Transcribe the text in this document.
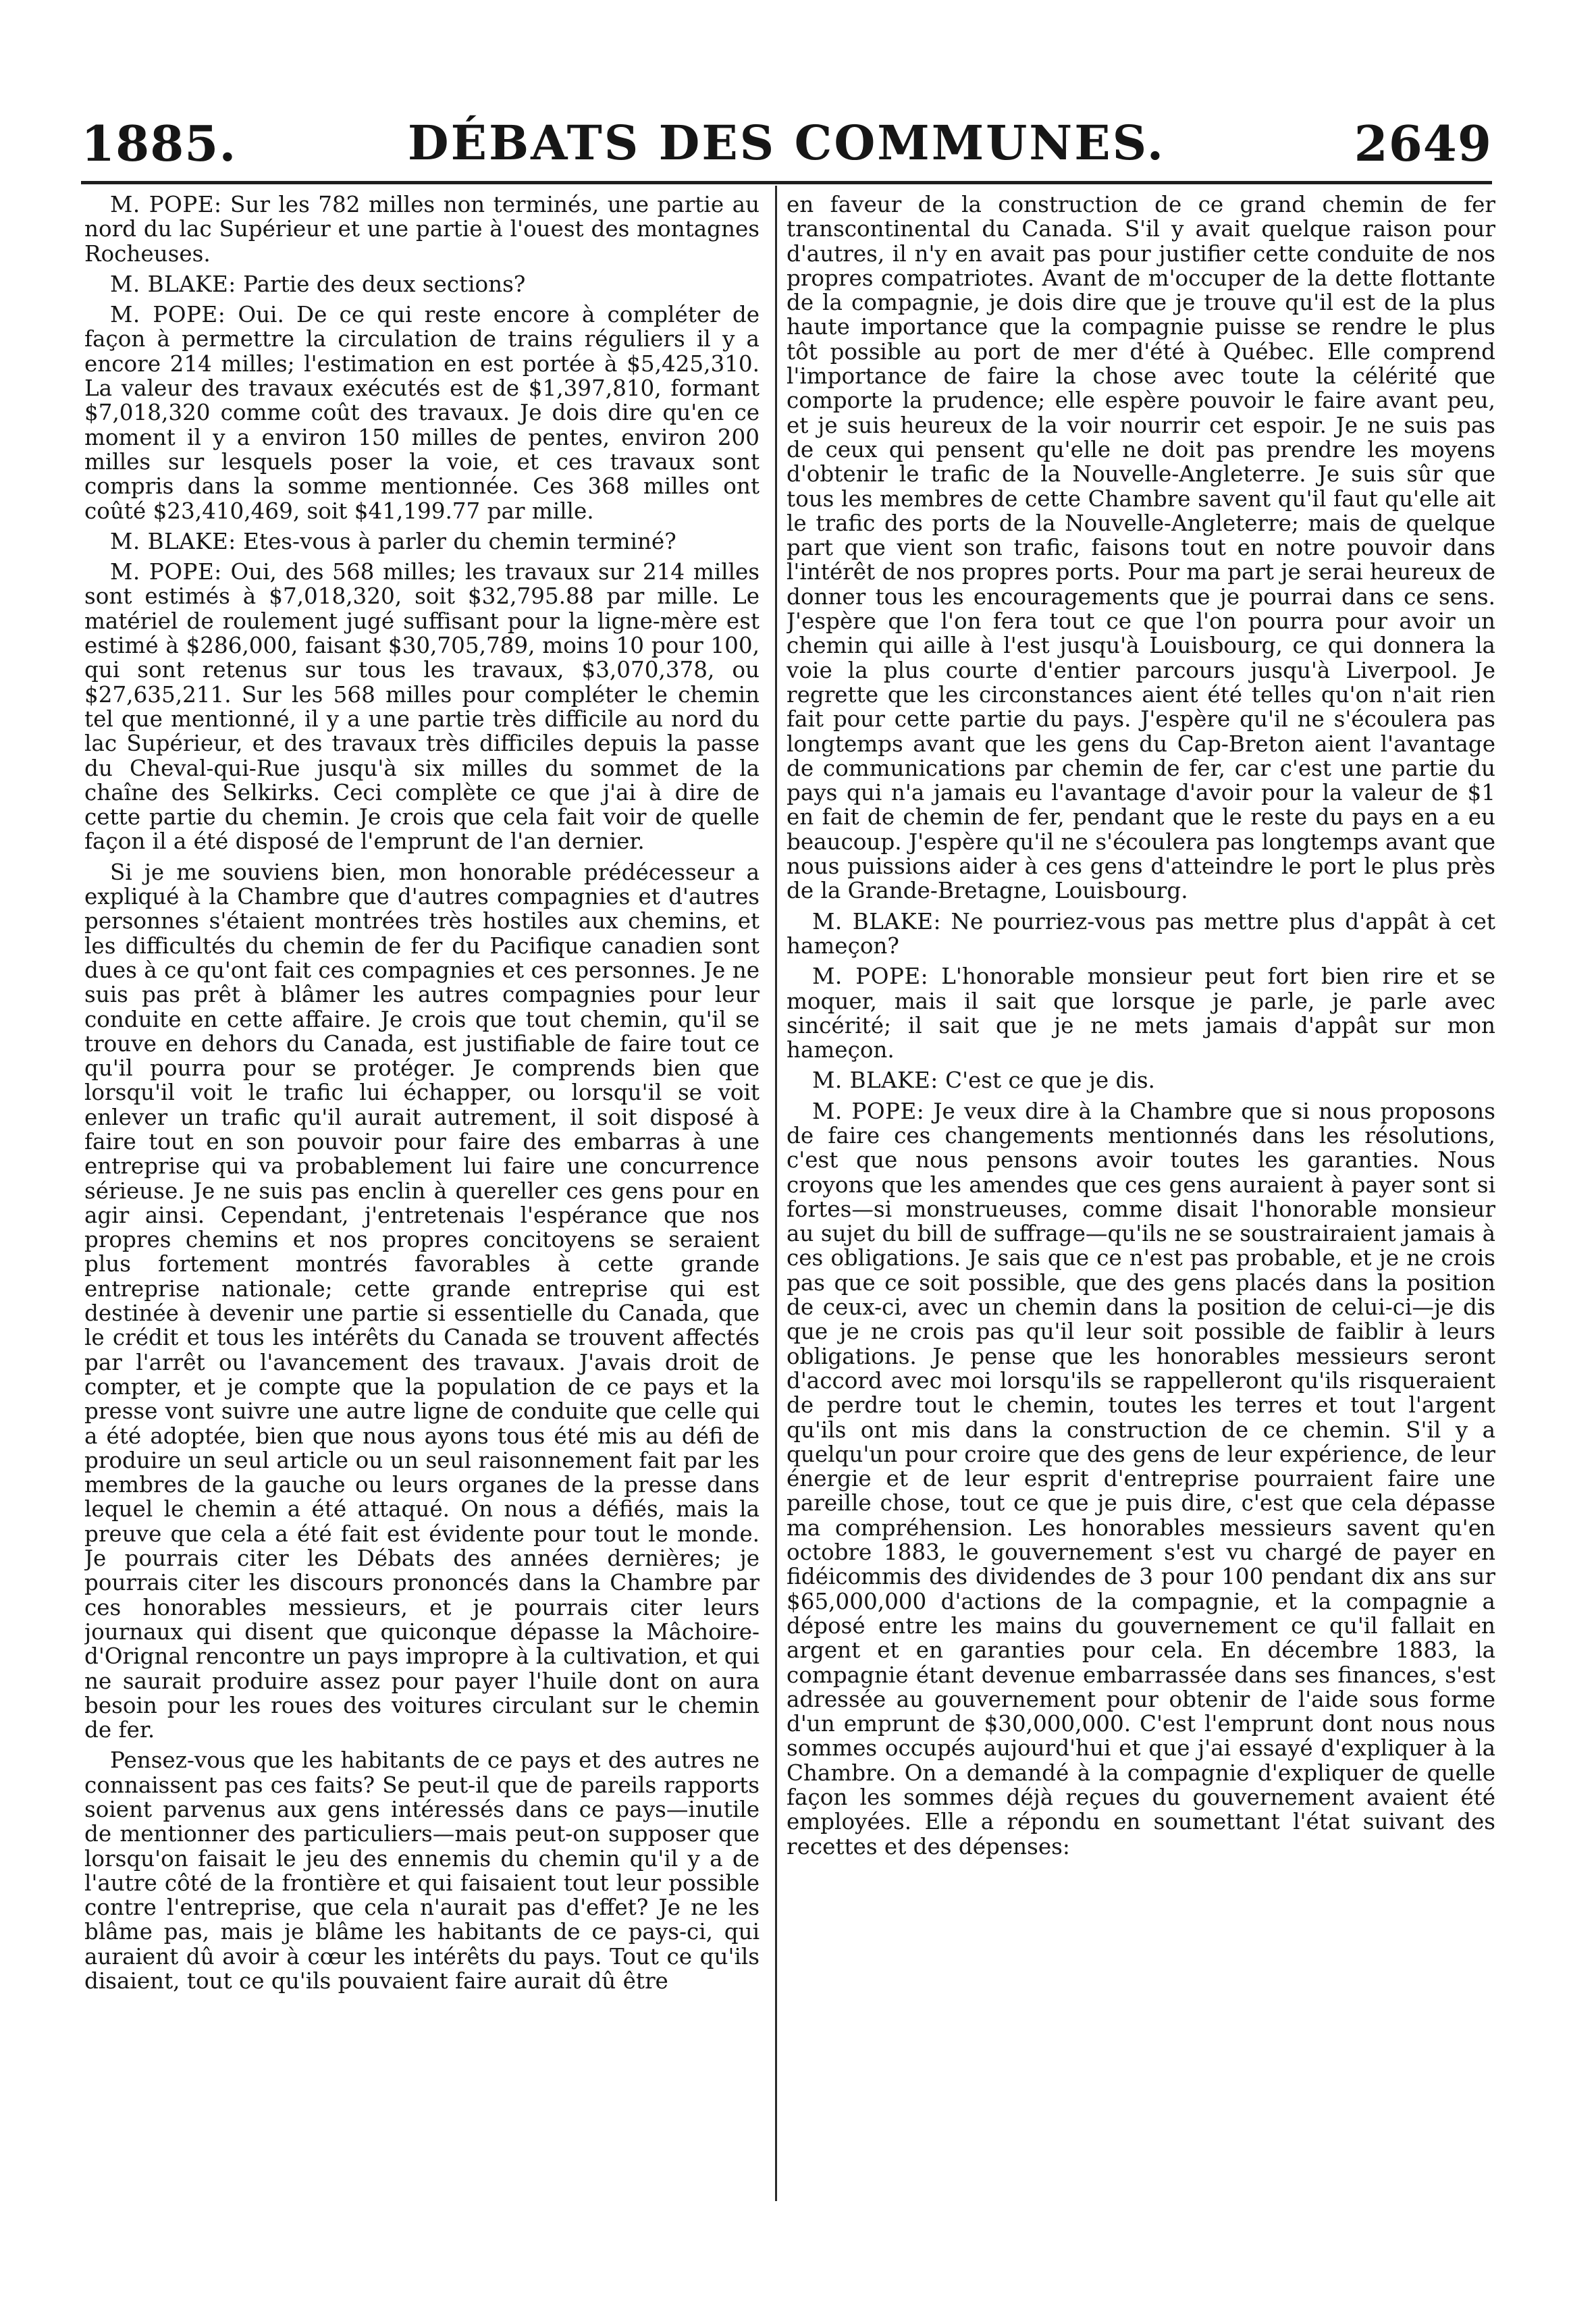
1885.	DÉBATS DES COMMUNES.	2649

M. POPE: Sur les 782 milles non terminés, une partie au nord du lac Supérieur et une partie à l'ouest des montagnes Rocheuses.

M. BLAKE: Partie des deux sections?

M. POPE: Oui. De ce qui reste encore à compléter de façon à permettre la circulation de trains réguliers il y a encore 214 milles; l'estimation en est portée à $5,425,310. La valeur des travaux exécutés est de $1,397,810, formant $7,018,320 comme coût des travaux. Je dois dire qu'en ce moment il y a environ 150 milles de pentes, environ 200 milles sur lesquels poser la voie, et ces travaux sont compris dans la somme mentionnée. Ces 368 milles ont coûté $23,410,469, soit $41,199.77 par mille.

M. BLAKE: Etes-vous à parler du chemin terminé?

M. POPE: Oui, des 568 milles; les travaux sur 214 milles sont estimés à $7,018,320, soit $32,795.88 par mille. Le matériel de roulement jugé suffisant pour la ligne-mère est estimé à $286,000, faisant $30,705,789, moins 10 pour 100, qui sont retenus sur tous les travaux, $3,070,378, ou $27,635,211. Sur les 568 milles pour compléter le chemin tel que mentionné, il y a une partie très difficile au nord du lac Supérieur, et des travaux très difficiles depuis la passe du Cheval-qui-Rue jusqu'à six milles du sommet de la chaîne des Selkirks. Ceci complète ce que j'ai à dire de cette partie du chemin. Je crois que cela fait voir de quelle façon il a été disposé de l'emprunt de l'an dernier.

Si je me souviens bien, mon honorable prédécesseur a expliqué à la Chambre que d'autres compagnies et d'autres personnes s'étaient montrées très hostiles aux chemins, et les difficultés du chemin de fer du Pacifique canadien sont dues à ce qu'ont fait ces compagnies et ces personnes. Je ne suis pas prêt à blâmer les autres compagnies pour leur conduite en cette affaire. Je crois que tout chemin, qu'il se trouve en dehors du Canada, est justifiable de faire tout ce qu'il pourra pour se protéger. Je comprends bien que lorsqu'il voit le trafic lui échapper, ou lorsqu'il se voit enlever un trafic qu'il aurait autrement, il soit disposé à faire tout en son pouvoir pour faire des embarras à une entreprise qui va probablement lui faire une concurrence sérieuse. Je ne suis pas enclin à quereller ces gens pour en agir ainsi. Cependant, j'entretenais l'espérance que nos propres chemins et nos propres concitoyens se seraient plus fortement montrés favorables à cette grande entreprise nationale; cette grande entreprise qui est destinée à devenir une partie si essentielle du Canada, que le crédit et tous les intérêts du Canada se trouvent affectés par l'arrêt ou l'avancement des travaux. J'avais droit de compter, et je compte que la population de ce pays et la presse vont suivre une autre ligne de conduite que celle qui a été adoptée, bien que nous ayons tous été mis au défi de produire un seul article ou un seul raisonnement fait par les membres de la gauche ou leurs organes de la presse dans lequel le chemin a été attaqué. On nous a défiés, mais la preuve que cela a été fait est évidente pour tout le monde. Je pourrais citer les Débats des années dernières; je pourrais citer les discours prononcés dans la Chambre par ces honorables messieurs, et je pourrais citer leurs journaux qui disent que quiconque dépasse la Mâchoire-d'Orignal rencontre un pays impropre à la cultivation, et qui ne saurait produire assez pour payer l'huile dont on aura besoin pour les roues des voitures circulant sur le chemin de fer.

Pensez-vous que les habitants de ce pays et des autres ne connaissent pas ces faits? Se peut-il que de pareils rapports soient parvenus aux gens intéressés dans ce pays—inutile de mentionner des particuliers—mais peut-on supposer que lorsqu'on faisait le jeu des ennemis du chemin qu'il y a de l'autre côté de la frontière et qui faisaient tout leur possible contre l'entreprise, que cela n'aurait pas d'effet? Je ne les blâme pas, mais je blâme les habitants de ce pays-ci, qui auraient dû avoir à cœur les intérêts du pays. Tout ce qu'ils disaient, tout ce qu'ils pouvaient faire aurait dû être

en faveur de la construction de ce grand chemin de fer transcontinental du Canada. S'il y avait quelque raison pour d'autres, il n'y en avait pas pour justifier cette conduite de nos propres compatriotes. Avant de m'occuper de la dette flottante de la compagnie, je dois dire que je trouve qu'il est de la plus haute importance que la compagnie puisse se rendre le plus tôt possible au port de mer d'été à Québec. Elle comprend l'importance de faire la chose avec toute la célérité que comporte la prudence; elle espère pouvoir le faire avant peu, et je suis heureux de la voir nourrir cet espoir. Je ne suis pas de ceux qui pensent qu'elle ne doit pas prendre les moyens d'obtenir le trafic de la Nouvelle-Angleterre. Je suis sûr que tous les membres de cette Chambre savent qu'il faut qu'elle ait le trafic des ports de la Nouvelle-Angleterre; mais de quelque part que vient son trafic, faisons tout en notre pouvoir dans l'intérêt de nos propres ports. Pour ma part je serai heureux de donner tous les encouragements que je pourrai dans ce sens. J'espère que l'on fera tout ce que l'on pourra pour avoir un chemin qui aille à l'est jusqu'à Louisbourg, ce qui donnera la voie la plus courte d'entier parcours jusqu'à Liverpool. Je regrette que les circonstances aient été telles qu'on n'ait rien fait pour cette partie du pays. J'espère qu'il ne s'écoulera pas longtemps avant que les gens du Cap-Breton aient l'avantage de communications par chemin de fer, car c'est une partie du pays qui n'a jamais eu l'avantage d'avoir pour la valeur de $1 en fait de chemin de fer, pendant que le reste du pays en a eu beaucoup. J'espère qu'il ne s'écoulera pas longtemps avant que nous puissions aider à ces gens d'atteindre le port le plus près de la Grande-Bretagne, Louisbourg.

M. BLAKE: Ne pourriez-vous pas mettre plus d'appât à cet hameçon?

M. POPE: L'honorable monsieur peut fort bien rire et se moquer, mais il sait que lorsque je parle, je parle avec sincérité; il sait que je ne mets jamais d'appât sur mon hameçon.

M. BLAKE: C'est ce que je dis.

M. POPE: Je veux dire à la Chambre que si nous proposons de faire ces changements mentionnés dans les résolutions, c'est que nous pensons avoir toutes les garanties. Nous croyons que les amendes que ces gens auraient à payer sont si fortes—si monstrueuses, comme disait l'honorable monsieur au sujet du bill de suffrage—qu'ils ne se soustrairaient jamais à ces obligations. Je sais que ce n'est pas probable, et je ne crois pas que ce soit possible, que des gens placés dans la position de ceux-ci, avec un chemin dans la position de celui-ci—je dis que je ne crois pas qu'il leur soit possible de faiblir à leurs obligations. Je pense que les honorables messieurs seront d'accord avec moi lorsqu'ils se rappelleront qu'ils risqueraient de perdre tout le chemin, toutes les terres et tout l'argent qu'ils ont mis dans la construction de ce chemin. S'il y a quelqu'un pour croire que des gens de leur expérience, de leur énergie et de leur esprit d'entreprise pourraient faire une pareille chose, tout ce que je puis dire, c'est que cela dépasse ma compréhension. Les honorables messieurs savent qu'en octobre 1883, le gouvernement s'est vu chargé de payer en fidéicommis des dividendes de 3 pour 100 pendant dix ans sur $65,000,000 d'actions de la compagnie, et la compagnie a déposé entre les mains du gouvernement ce qu'il fallait en argent et en garanties pour cela. En décembre 1883, la compagnie étant devenue embarrassée dans ses finances, s'est adressée au gouvernement pour obtenir de l'aide sous forme d'un emprunt de $30,000,000. C'est l'emprunt dont nous nous sommes occupés aujourd'hui et que j'ai essayé d'expliquer à la Chambre. On a demandé à la compagnie d'expliquer de quelle façon les sommes déjà reçues du gouvernement avaient été employées. Elle a répondu en soumettant l'état suivant des recettes et des dépenses:
